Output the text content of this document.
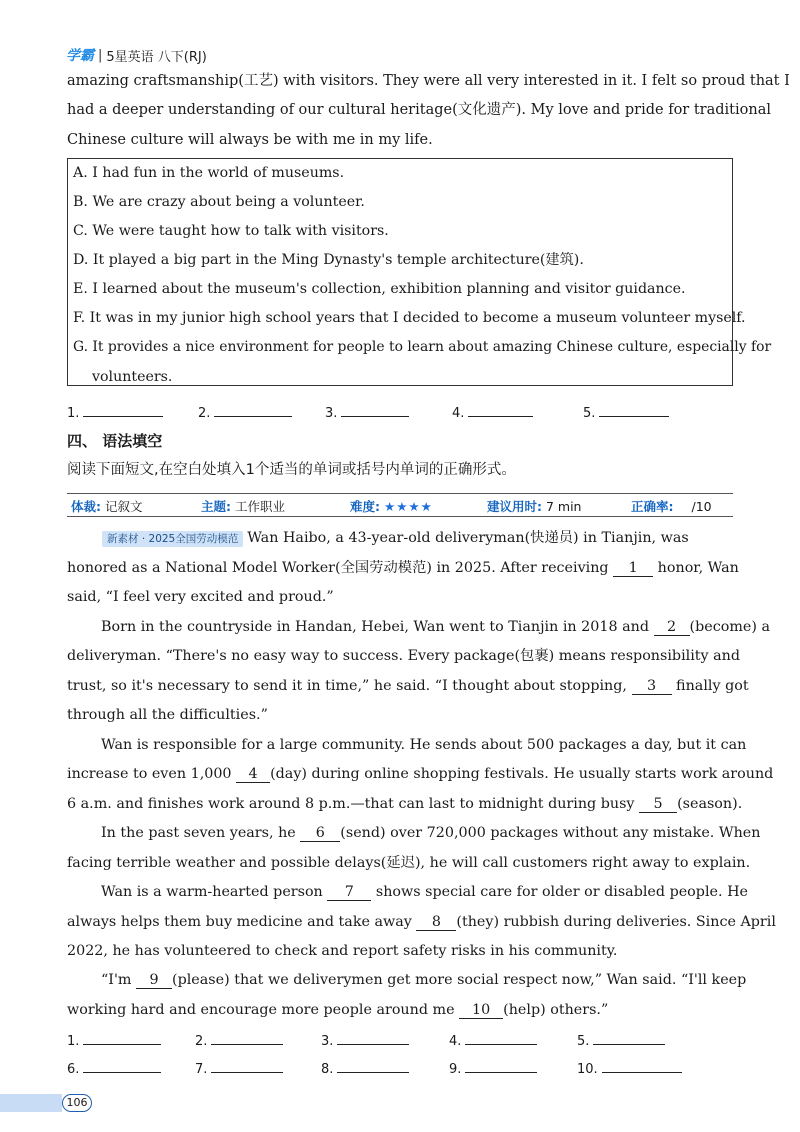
学霸 | 5星英语 八下(RJ)

amazing craftsmanship(工艺) with visitors. They were all very interested in it. I felt so proud that I

had a deeper understanding of our cultural heritage(文化遗产). My love and pride for traditional

Chinese culture will always be with me in my life.

A. I had fun in the world of museums.
B. We are crazy about being a volunteer.
C. We were taught how to talk with visitors.
D. It played a big part in the Ming Dynasty's temple architecture(建筑).
E. I learned about the museum's collection, exhibition planning and visitor guidance.
F. It was in my junior high school years that I decided to become a museum volunteer myself.
G. It provides a nice environment for people to learn about amazing Chinese culture, especially for
volunteers.
1.	2.	3.	4.	5.
四、 语法填空
阅读下面短文,在空白处填入1个适当的单词或括号内单词的正确形式。
体裁: 记叙文	主题: 工作职业	难度: ★★★★	建议用时: 7 min	正确率: /10

新素材 · 2025全国劳动模范 Wan Haibo, a 43-year-old deliveryman(快递员) in Tianjin, was

honored as a National Model Worker(全国劳动模范) in 2025. After receiving 1 honor, Wan

said, “I feel very excited and proud.”

Born in the countryside in Handan, Hebei, Wan went to Tianjin in 2018 and 2 (become) a

deliveryman. “There's no easy way to success. Every package(包裹) means responsibility and

trust, so it's necessary to send it in time,” he said. “I thought about stopping, 3 finally got

through all the difficulties.”

Wan is responsible for a large community. He sends about 500 packages a day, but it can

increase to even 1,000 4 (day) during online shopping festivals. He usually starts work around

6 a.m. and finishes work around 8 p.m.—that can last to midnight during busy 5 (season).

In the past seven years, he 6 (send) over 720,000 packages without any mistake. When

facing terrible weather and possible delays(延迟), he will call customers right away to explain.

Wan is a warm-hearted person 7 shows special care for older or disabled people. He

always helps them buy medicine and take away 8 (they) rubbish during deliveries. Since April

2022, he has volunteered to check and report safety risks in his community.

“I'm 9 (please) that we deliverymen get more social respect now,” Wan said. “I'll keep

working hard and encourage more people around me 10 (help) others.”

1.	2.	3.	4.	5.
6.	7.	8.	9.	10.
106
